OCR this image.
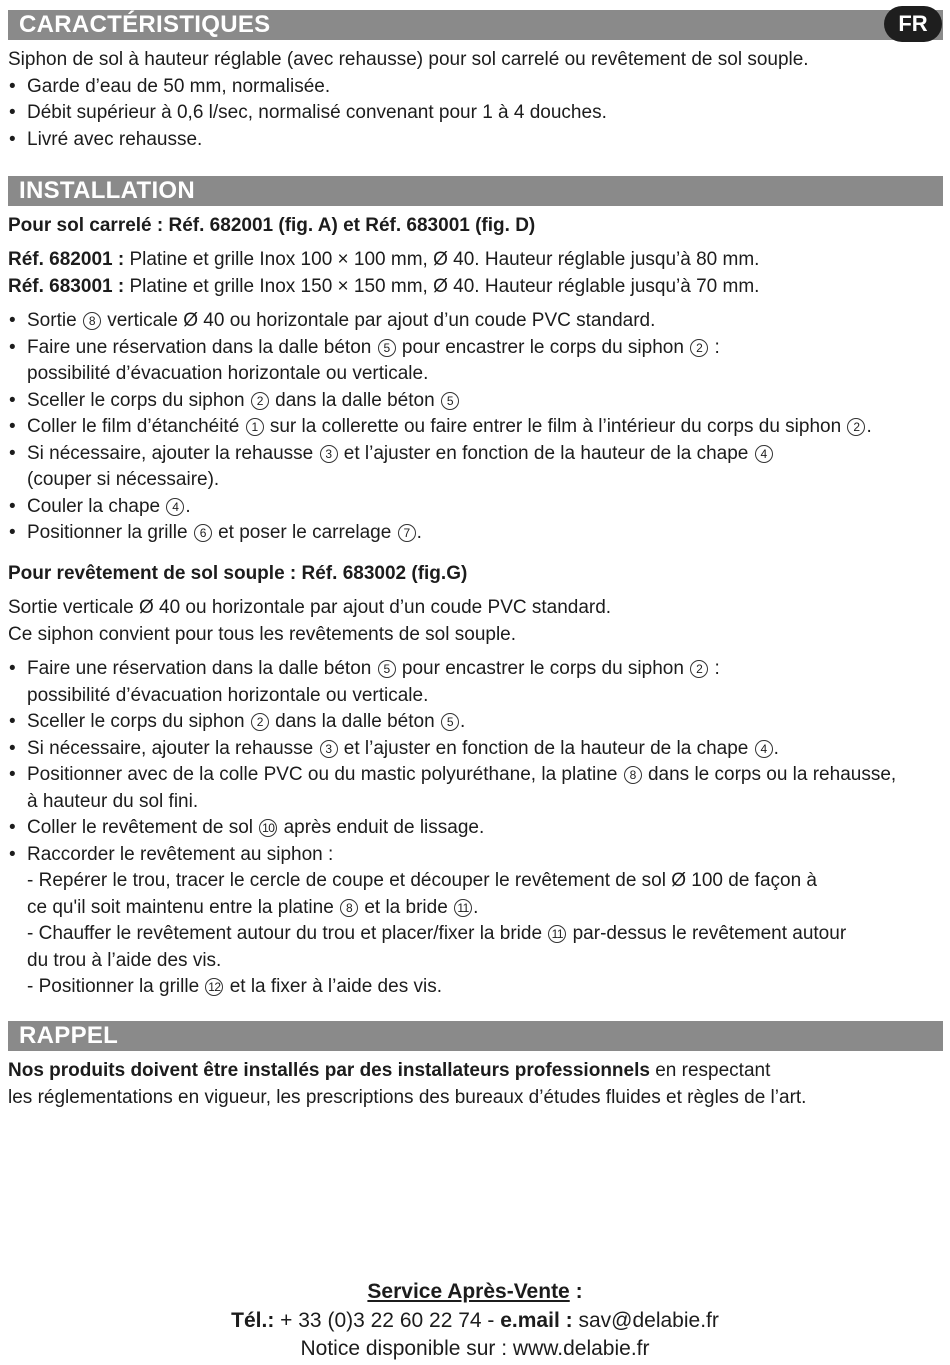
CARACTÉRISTIQUES	FR
Siphon de sol à hauteur réglable (avec rehausse) pour sol carrelé ou revêtement de sol souple.
• Garde d’eau de 50 mm, normalisée.
• Débit supérieur à 0,6 l/sec, normalisé convenant pour 1 à 4 douches.
• Livré avec rehausse.
INSTALLATION
Pour sol carrelé : Réf. 682001 (fig. A) et Réf. 683001 (fig. D)
Réf. 682001 : Platine et grille Inox 100 × 100 mm, Ø 40. Hauteur réglable jusqu’à 80 mm.
Réf. 683001 : Platine et grille Inox 150 × 150 mm, Ø 40. Hauteur réglable jusqu’à 70 mm.
• Sortie 8 verticale Ø 40 ou horizontale par ajout d’un coude PVC standard.
• Faire une réservation dans la dalle béton 5 pour encastrer le corps du siphon 2 :
possibilité d’évacuation horizontale ou verticale.
• Sceller le corps du siphon 2 dans la dalle béton 5
• Coller le film d’étanchéité 1 sur la collerette ou faire entrer le film à l’intérieur du corps du siphon 2 .
• Si nécessaire, ajouter la rehausse 3 et l’ajuster en fonction de la hauteur de la chape 4
(couper si nécessaire).
• Couler la chape 4 .
• Positionner la grille 6 et poser le carrelage 7 .
Pour revêtement de sol souple : Réf. 683002 (fig.G)
Sortie verticale Ø 40 ou horizontale par ajout d’un coude PVC standard.
Ce siphon convient pour tous les revêtements de sol souple.
• Faire une réservation dans la dalle béton 5 pour encastrer le corps du siphon 2 :
possibilité d’évacuation horizontale ou verticale.
• Sceller le corps du siphon 2 dans la dalle béton 5 .
• Si nécessaire, ajouter la rehausse 3 et l’ajuster en fonction de la hauteur de la chape 4 .
• Positionner avec de la colle PVC ou du mastic polyuréthane, la platine 8 dans le corps ou la rehausse,
à hauteur du sol fini.
• Coller le revêtement de sol 10 après enduit de lissage.
• Raccorder le revêtement au siphon :
- Repérer le trou, tracer le cercle de coupe et découper le revêtement de sol Ø 100 de façon à
ce qu'il soit maintenu entre la platine 8 et la bride 11 .
- Chauffer le revêtement autour du trou et placer/fixer la bride 11 par-dessus le revêtement autour
du trou à l’aide des vis.
- Positionner la grille 12 et la fixer à l’aide des vis.
RAPPEL
Nos produits doivent être installés par des installateurs professionnels en respectant
les réglementations en vigueur, les prescriptions des bureaux d’études fluides et règles de l’art.
Service Après-Vente :
Tél.: + 33 (0)3 22 60 22 74 - e.mail : sav@delabie.fr
Notice disponible sur : www.delabie.fr
